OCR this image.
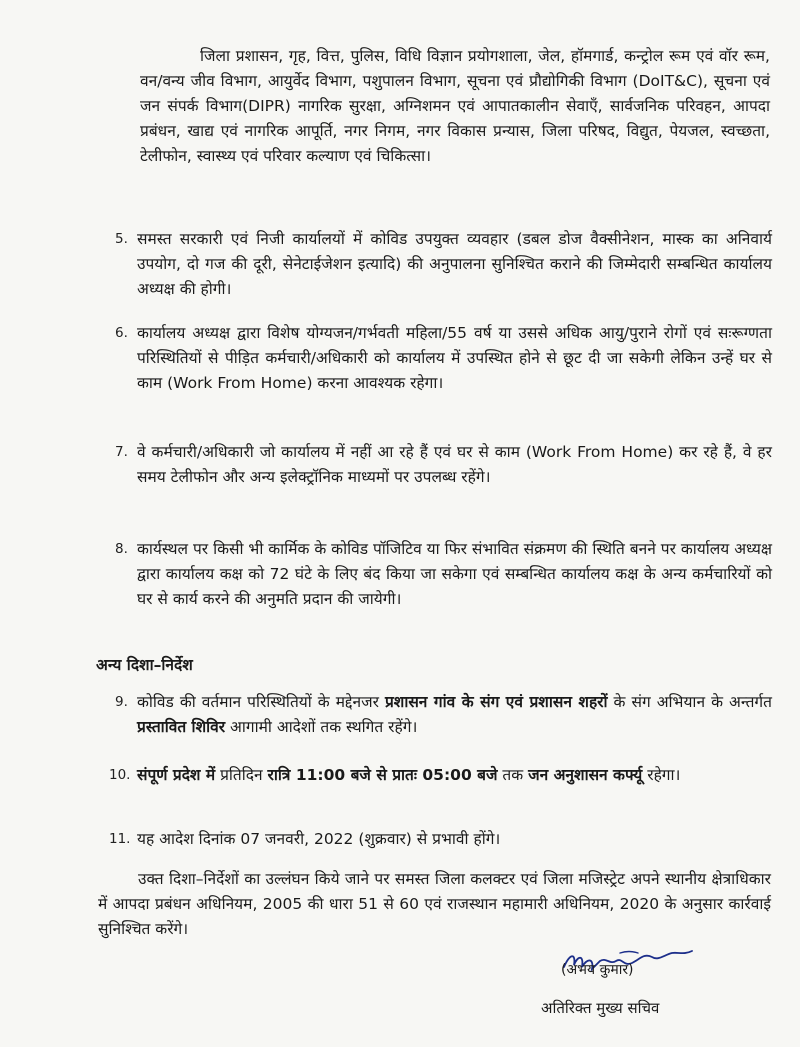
जिला प्रशासन, गृह, वित्त, पुलिस, विधि विज्ञान प्रयोगशाला, जेल, हॉमगार्ड, कन्ट्रोल रूम एवं वॉर रूम, वन/वन्य जीव विभाग, आयुर्वेद विभाग, पशुपालन विभाग, सूचना एवं प्रौद्योगिकी विभाग (DoIT&C), सूचना एवं जन संपर्क विभाग(DIPR) नागरिक सुरक्षा, अग्निशमन एवं आपातकालीन सेवाएँ, सार्वजनिक परिवहन, आपदा प्रबंधन, खाद्य एवं नागरिक आपूर्ति, नगर निगम, नगर विकास प्रन्यास, जिला परिषद, विद्युत, पेयजल, स्वच्छता, टेलीफोन, स्वास्थ्य एवं परिवार कल्याण एवं चिकित्सा।
5. समस्त सरकारी एवं निजी कार्यालयों में कोविड उपयुक्त व्यवहार (डबल डोज वैक्सीनेशन, मास्क का अनिवार्य उपयोग, दो गज की दूरी, सेनेटाईजेशन इत्यादि) की अनुपालना सुनिश्चित कराने की जिम्मेदारी सम्बन्धित कार्यालय अध्यक्ष की होगी।
6. कार्यालय अध्यक्ष द्वारा विशेष योग्यजन/गर्भवती महिला/55 वर्ष या उससे अधिक आयु/पुराने रोगों एवं सःरूग्णता परिस्थितियों से पीड़ित कर्मचारी/अधिकारी को कार्यालय में उपस्थित होने से छूट दी जा सकेगी लेकिन उन्हें घर से काम (Work From Home) करना आवश्यक रहेगा।
7. वे कर्मचारी/अधिकारी जो कार्यालय में नहीं आ रहे हैं एवं घर से काम (Work From Home) कर रहे हैं, वे हर समय टेलीफोन और अन्य इलेक्ट्रॉनिक माध्यमों पर उपलब्ध रहेंगे।
8. कार्यस्थल पर किसी भी कार्मिक के कोविड पॉजिटिव या फिर संभावित संक्रमण की स्थिति बनने पर कार्यालय अध्यक्ष द्वारा कार्यालय कक्ष को 72 घंटे के लिए बंद किया जा सकेगा एवं सम्बन्धित कार्यालय कक्ष के अन्य कर्मचारियों को घर से कार्य करने की अनुमति प्रदान की जायेगी।
अन्य दिशा–निर्देश
9. कोविड की वर्तमान परिस्थितियों के मद्देनजर प्रशासन गांव के संग एवं प्रशासन शहरों के संग अभियान के अन्तर्गत प्रस्तावित शिविर आगामी आदेशों तक स्थगित रहेंगे।
10. संपूर्ण प्रदेश में प्रतिदिन रात्रि 11:00 बजे से प्रातः 05:00 बजे तक जन अनुशासन कर्फ्यू रहेगा।
11. यह आदेश दिनांक 07 जनवरी, 2022 (शुक्रवार) से प्रभावी होंगे।
उक्त दिशा–निर्देशों का उल्लंघन किये जाने पर समस्त जिला कलक्टर एवं जिला मजिस्ट्रेट अपने स्थानीय क्षेत्राधिकार में आपदा प्रबंधन अधिनियम, 2005 की धारा 51 से 60 एवं राजस्थान महामारी अधिनियम, 2020 के अनुसार कार्रवाई सुनिश्चित करेंगे।
(अभय कुमार)
अतिरिक्त मुख्य सचिव
